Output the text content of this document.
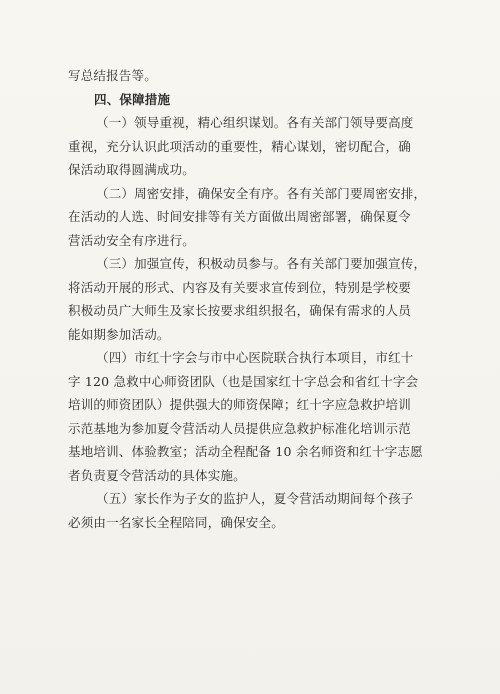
写总结报告等。

四、保障措施

（一）领导重视，精心组织谋划。各有关部门领导要高度

重视，充分认识此项活动的重要性，精心谋划，密切配合，确

保活动取得圆满成功。

（二）周密安排，确保安全有序。各有关部门要周密安排，

在活动的人选、时间安排等有关方面做出周密部署，确保夏令

营活动安全有序进行。

（三）加强宣传，积极动员参与。各有关部门要加强宣传，

将活动开展的形式、内容及有关要求宣传到位，特别是学校要

积极动员广大师生及家长按要求组织报名，确保有需求的人员

能如期参加活动。

（四）市红十字会与市中心医院联合执行本项目，市红十

字 120 急救中心师资团队（也是国家红十字总会和省红十字会

培训的师资团队）提供强大的师资保障；红十字应急救护培训

示范基地为参加夏令营活动人员提供应急救护标准化培训示范

基地培训、体验教室；活动全程配备 10 余名师资和红十字志愿

者负责夏令营活动的具体实施。

（五）家长作为子女的监护人，夏令营活动期间每个孩子

必须由一名家长全程陪同，确保安全。
